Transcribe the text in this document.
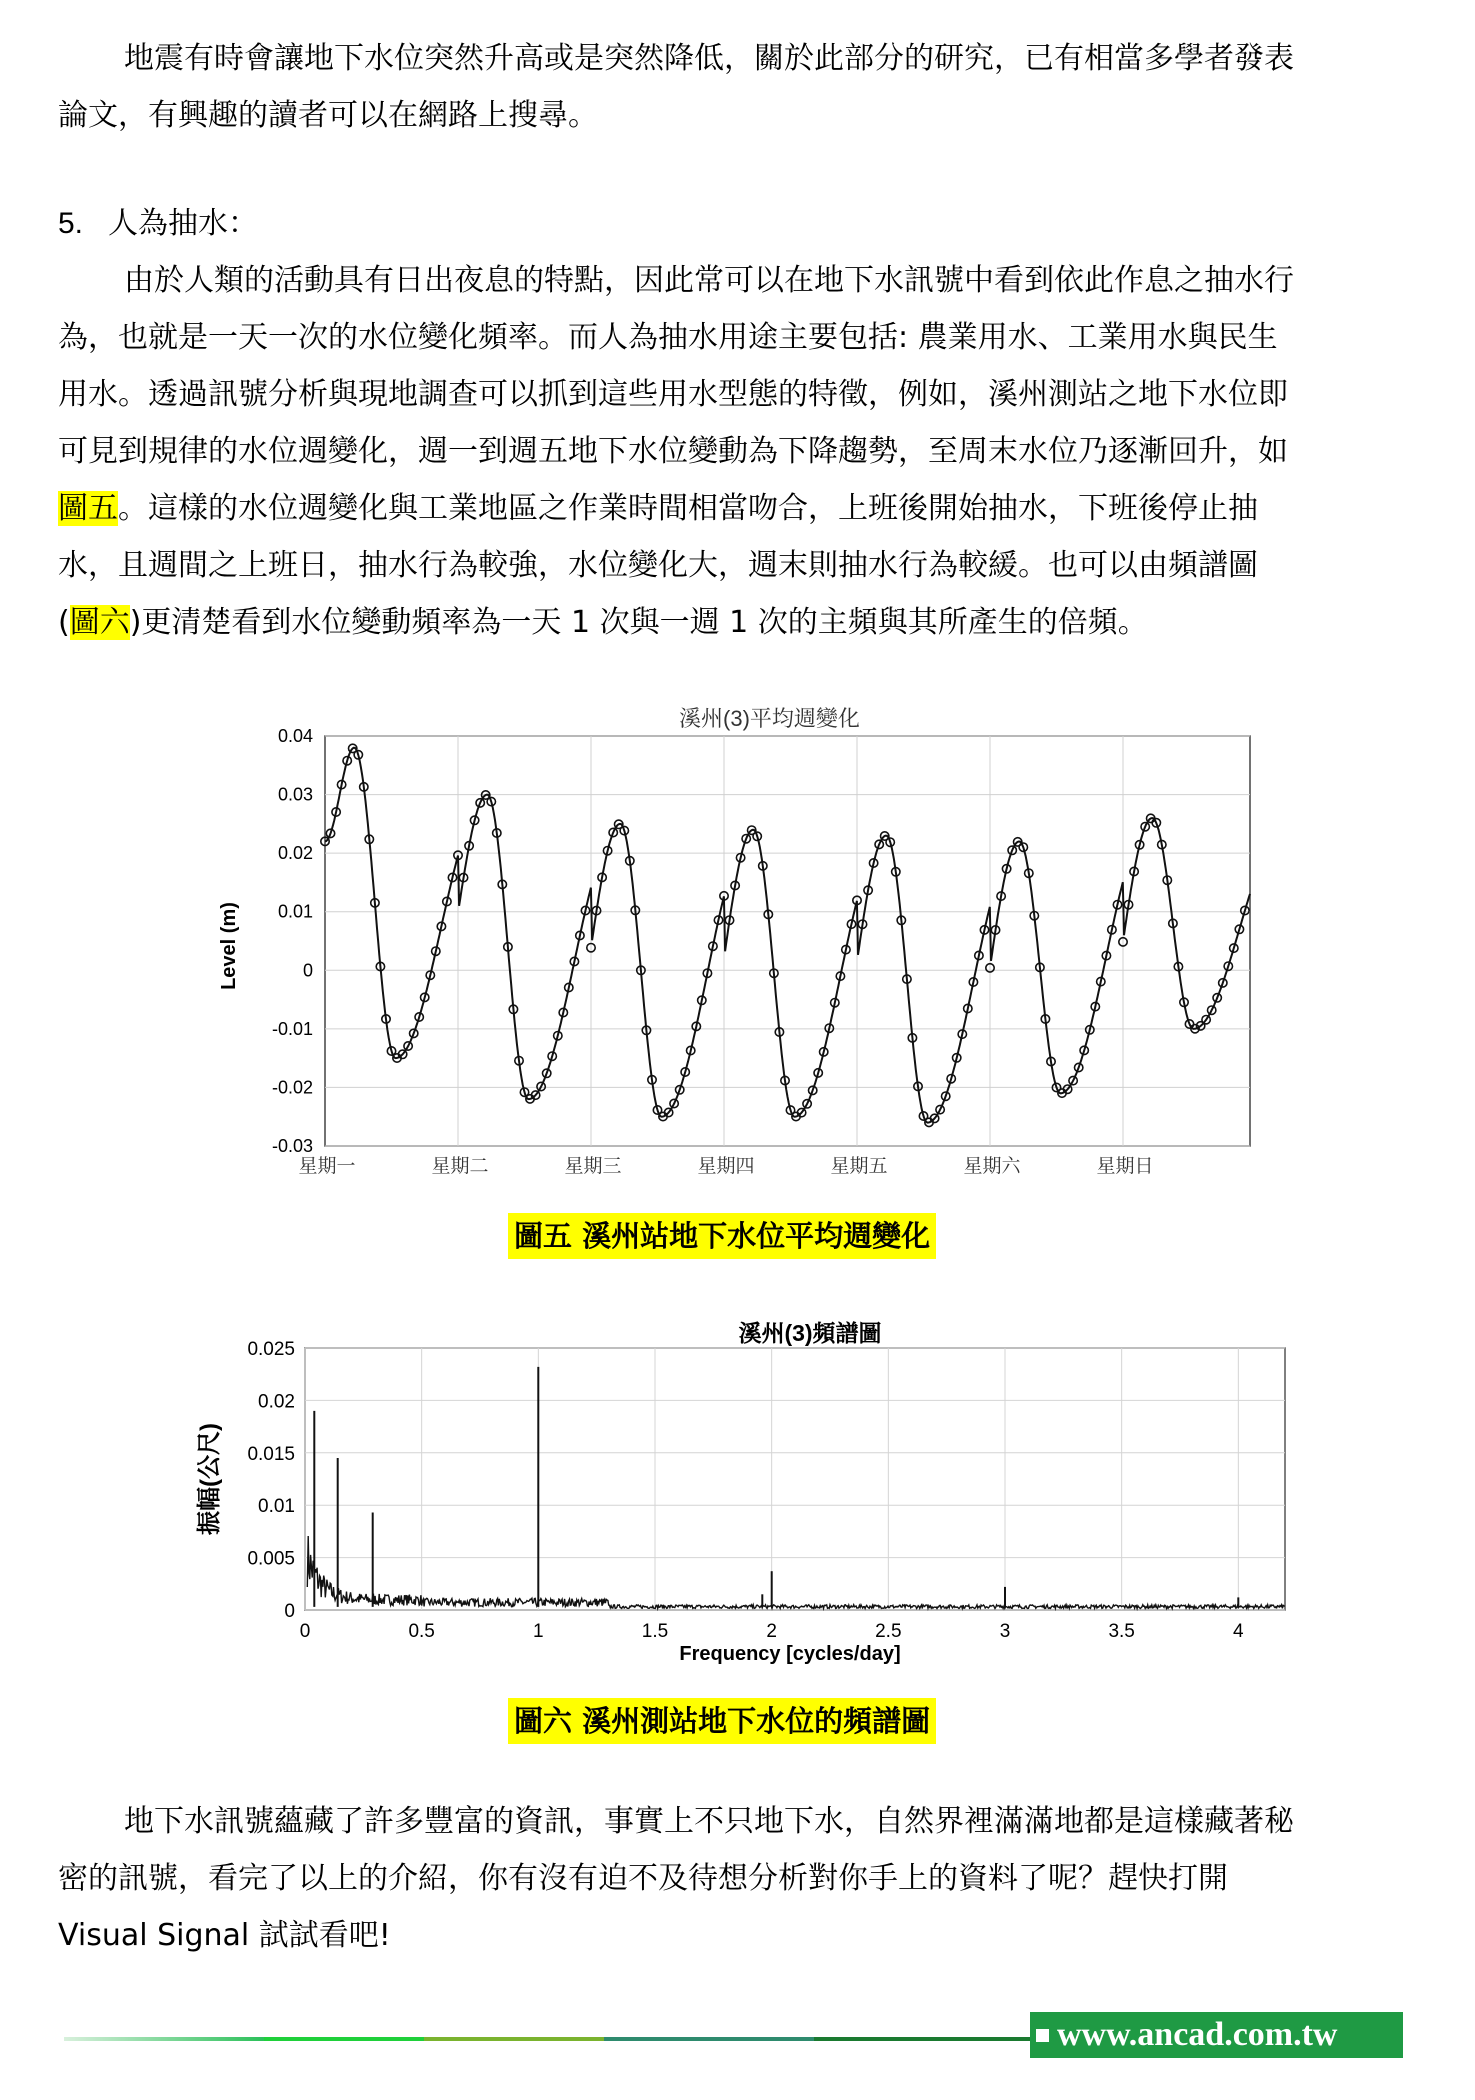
地震有時會讓地下水位突然升高或是突然降低，關於此部分的研究，已有相當多學者發表
論文，有興趣的讀者可以在網路上搜尋。
5. 人為抽水：
由於人類的活動具有日出夜息的特點，因此常可以在地下水訊號中看到依此作息之抽水行
為，也就是一天一次的水位變化頻率。而人為抽水用途主要包括: 農業用水、工業用水與民生
用水。透過訊號分析與現地調查可以抓到這些用水型態的特徵，例如，溪州測站之地下水位即
可見到規律的水位週變化，週一到週五地下水位變動為下降趨勢，至周末水位乃逐漸回升，如
圖五。這樣的水位週變化與工業地區之作業時間相當吻合，上班後開始抽水，下班後停止抽
水，且週間之上班日，抽水行為較強，水位變化大，週末則抽水行為較緩。也可以由頻譜圖
(圖六)更清楚看到水位變動頻率為一天 1 次與一週 1 次的主頻與其所產生的倍頻。
溪州(3)平均週變化
0.04
0.03
0.02
0.01
0
-0.01
-0.02
-0.03
星期一	星期二	星期三	星期四	星期五	星期六	星期日
Level (m)
圖五 溪州站地下水位平均週變化
溪州(3)頻譜圖
0.025
0.02
0.015
0.01
0.005
0
0	0.5	1	1.5	2	2.5	3	3.5	4
Frequency [cycles/day]
振幅(公尺)
圖六 溪州測站地下水位的頻譜圖
地下水訊號蘊藏了許多豐富的資訊，事實上不只地下水，自然界裡滿滿地都是這樣藏著秘
密的訊號，看完了以上的介紹，你有沒有迫不及待想分析對你手上的資料了呢？趕快打開
Visual Signal 試試看吧!
www.ancad.com.tw
